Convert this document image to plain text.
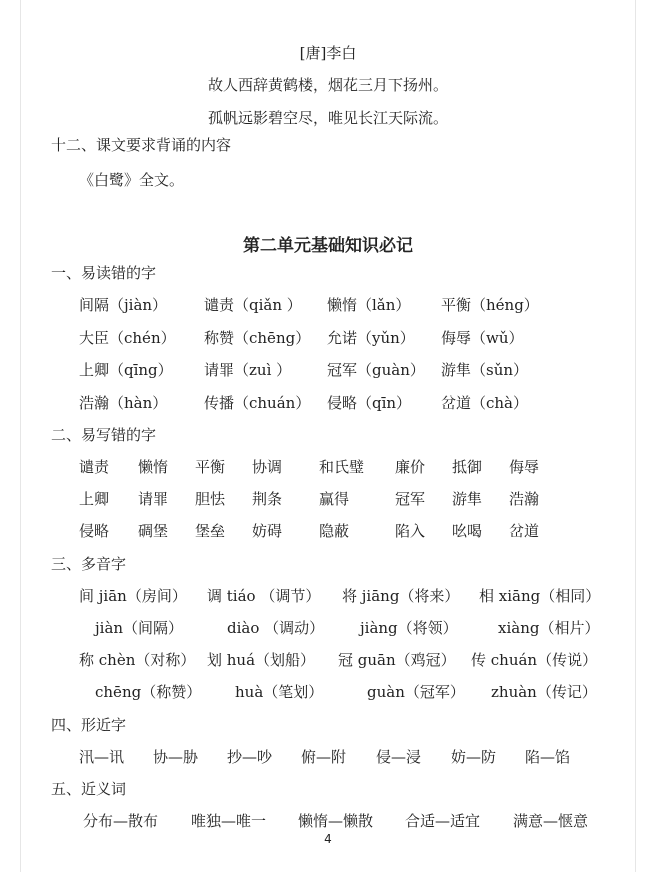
[唐]李白
故人西辞黄鹤楼，烟花三月下扬州。
孤帆远影碧空尽，唯见长江天际流。
十二、课文要求背诵的内容
《白鹭》全文。
第二单元基础知识必记
一、易读错的字
间隔（jiàn） 谴责（qiǎn ） 懒惰（lǎn） 平衡（héng）
大臣（chén） 称赞（chēng） 允诺（yǔn） 侮辱（wǔ）
上卿（qīng） 请罪（zuì ） 冠军（guàn） 游隼（sǔn）
浩瀚（hàn） 传播（chuán） 侵略（qīn） 岔道（chà）
二、易写错的字
谴责 懒惰 平衡 协调 和氏璧 廉价 抵御 侮辱
上卿 请罪 胆怯 荆条 赢得	冠军 游隼 浩瀚
侵略 碉堡 堡垒 妨碍 隐蔽	陷入 吆喝 岔道
三、多音字
间 jiān（房间） 调 tiáo （调节） 将 jiāng（将来） 相 xiāng（相同）
jiàn（间隔）	diào （调动） jiàng（将领）	xiàng（相片）
称 chèn（对称） 划 huá（划船） 冠 guān（鸡冠） 传 chuán（传说）
chēng（称赞） huà（笔划）	guàn（冠军） zhuàn（传记）
四、形近字
汛—讯 协—胁 抄—吵 俯—附 侵—浸 妨—防 陷—馅
五、近义词
分布—散布 唯独—唯一 懒惰—懒散 合适—适宜 满意—惬意
4
